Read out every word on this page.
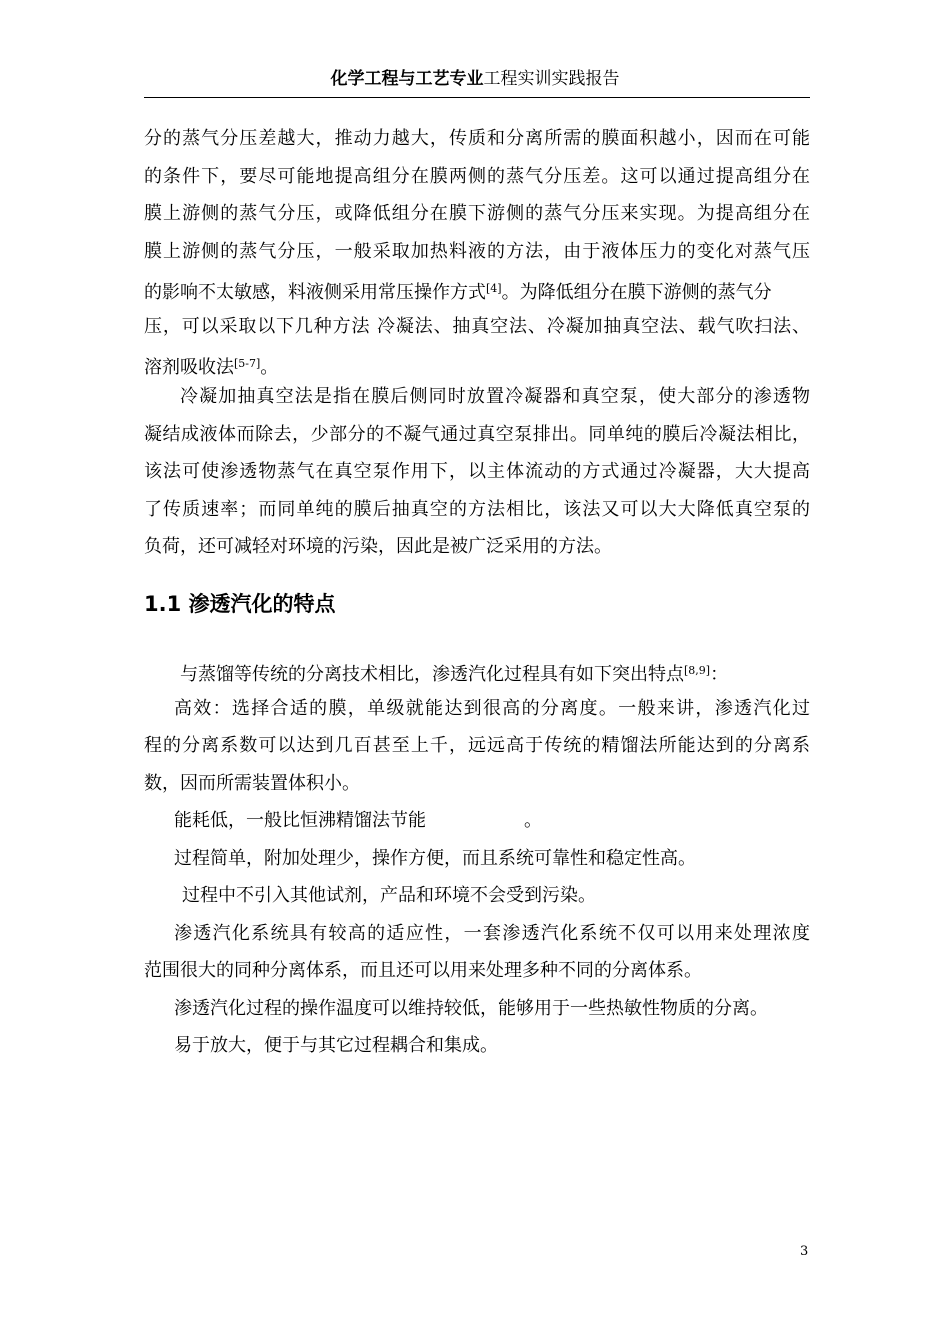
化学工程与工艺专业工程实训实践报告
分的蒸气分压差越大，推动力越大，传质和分离所需的膜面积越小，因而在可能
的条件下，要尽可能地提高组分在膜两侧的蒸气分压差。这可以通过提高组分在
膜上游侧的蒸气分压，或降低组分在膜下游侧的蒸气分压来实现。为提高组分在
膜上游侧的蒸气分压，一般采取加热料液的方法，由于液体压力的变化对蒸气压
的影响不太敏感，料液侧采用常压操作方式[4]。为降低组分在膜下游侧的蒸气分
压，可以采取以下几种方法 冷凝法、抽真空法、冷凝加抽真空法、载气吹扫法、
溶剂吸收法[5-7]。
冷凝加抽真空法是指在膜后侧同时放置冷凝器和真空泵，使大部分的渗透物
凝结成液体而除去，少部分的不凝气通过真空泵排出。同单纯的膜后冷凝法相比，
该法可使渗透物蒸气在真空泵作用下，以主体流动的方式通过冷凝器，大大提高
了传质速率；而同单纯的膜后抽真空的方法相比，该法又可以大大降低真空泵的
负荷，还可减轻对环境的污染，因此是被广泛采用的方法。
1.1 渗透汽化的特点
与蒸馏等传统的分离技术相比，渗透汽化过程具有如下突出特点[8,9]：
高效：选择合适的膜，单级就能达到很高的分离度。一般来讲，渗透汽化过
程的分离系数可以达到几百甚至上千，远远高于传统的精馏法所能达到的分离系
数，因而所需装置体积小。
能耗低，一般比恒沸精馏法节能	。
过程简单，附加处理少，操作方便，而且系统可靠性和稳定性高。
过程中不引入其他试剂，产品和环境不会受到污染。
渗透汽化系统具有较高的适应性，一套渗透汽化系统不仅可以用来处理浓度
范围很大的同种分离体系，而且还可以用来处理多种不同的分离体系。
渗透汽化过程的操作温度可以维持较低，能够用于一些热敏性物质的分离。
易于放大，便于与其它过程耦合和集成。
3
